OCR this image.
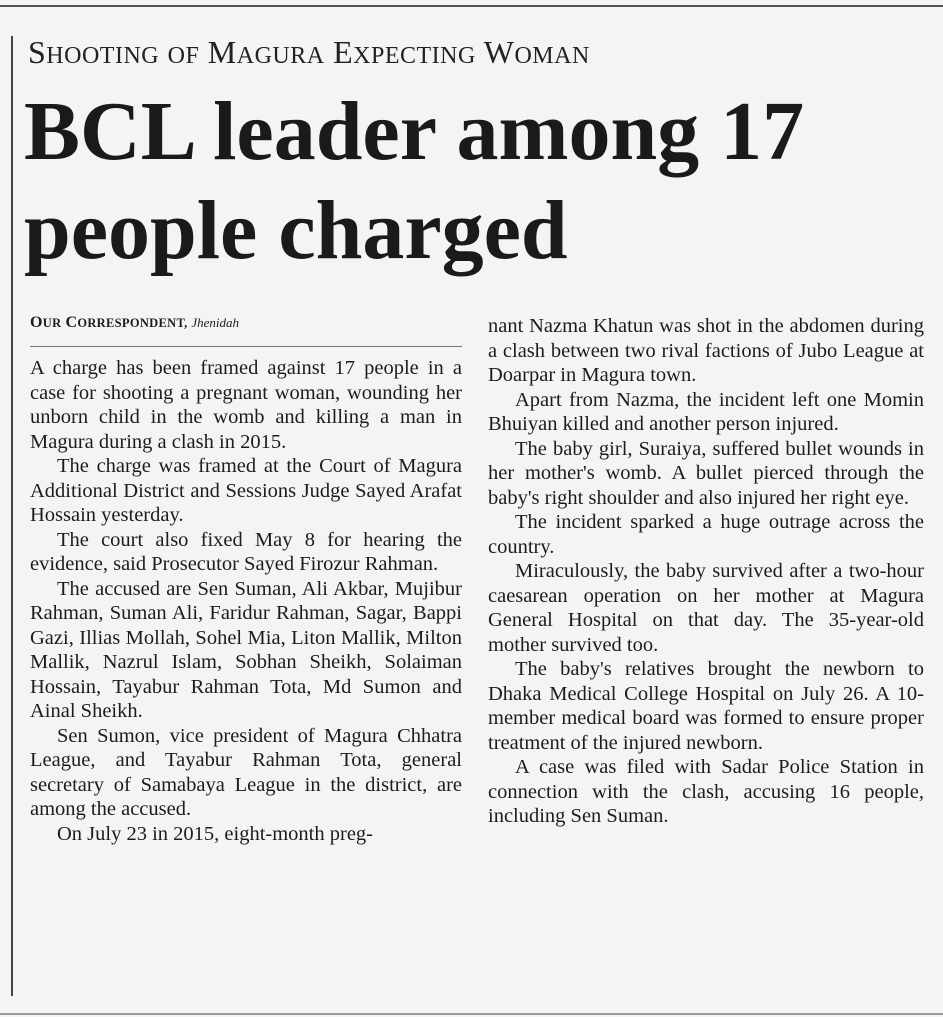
SHOOTING OF MAGURA EXPECTING WOMAN
BCL leader among 17 people charged
OUR CORRESPONDENT, Jhenidah

A charge has been framed against 17 people in a case for shooting a pregnant woman, wounding her unborn child in the womb and killing a man in Magura during a clash in 2015.

The charge was framed at the Court of Magura Additional District and Sessions Judge Sayed Arafat Hossain yesterday.

The court also fixed May 8 for hearing the evidence, said Prosecutor Sayed Firozur Rahman.

The accused are Sen Suman, Ali Akbar, Mujibur Rahman, Suman Ali, Faridur Rahman, Sagar, Bappi Gazi, Illias Mollah, Sohel Mia, Liton Mallik, Milton Mallik, Nazrul Islam, Sobhan Sheikh, Solaiman Hossain, Tayabur Rahman Tota, Md Sumon and Ainal Sheikh.

Sen Sumon, vice president of Magura Chhatra League, and Tayabur Rahman Tota, general secretary of Samabaya League in the district, are among the accused.

On July 23 in 2015, eight-month preg-

nant Nazma Khatun was shot in the abdomen during a clash between two rival factions of Jubo League at Doarpar in Magura town.

Apart from Nazma, the incident left one Momin Bhuiyan killed and another person injured.

The baby girl, Suraiya, suffered bullet wounds in her mother's womb. A bullet pierced through the baby's right shoulder and also injured her right eye.

The incident sparked a huge outrage across the country.

Miraculously, the baby survived after a two-hour caesarean operation on her mother at Magura General Hospital on that day. The 35-year-old mother survived too.

The baby's relatives brought the newborn to Dhaka Medical College Hospital on July 26. A 10-member medical board was formed to ensure proper treatment of the injured newborn.

A case was filed with Sadar Police Station in connection with the clash, accusing 16 people, including Sen Suman.
